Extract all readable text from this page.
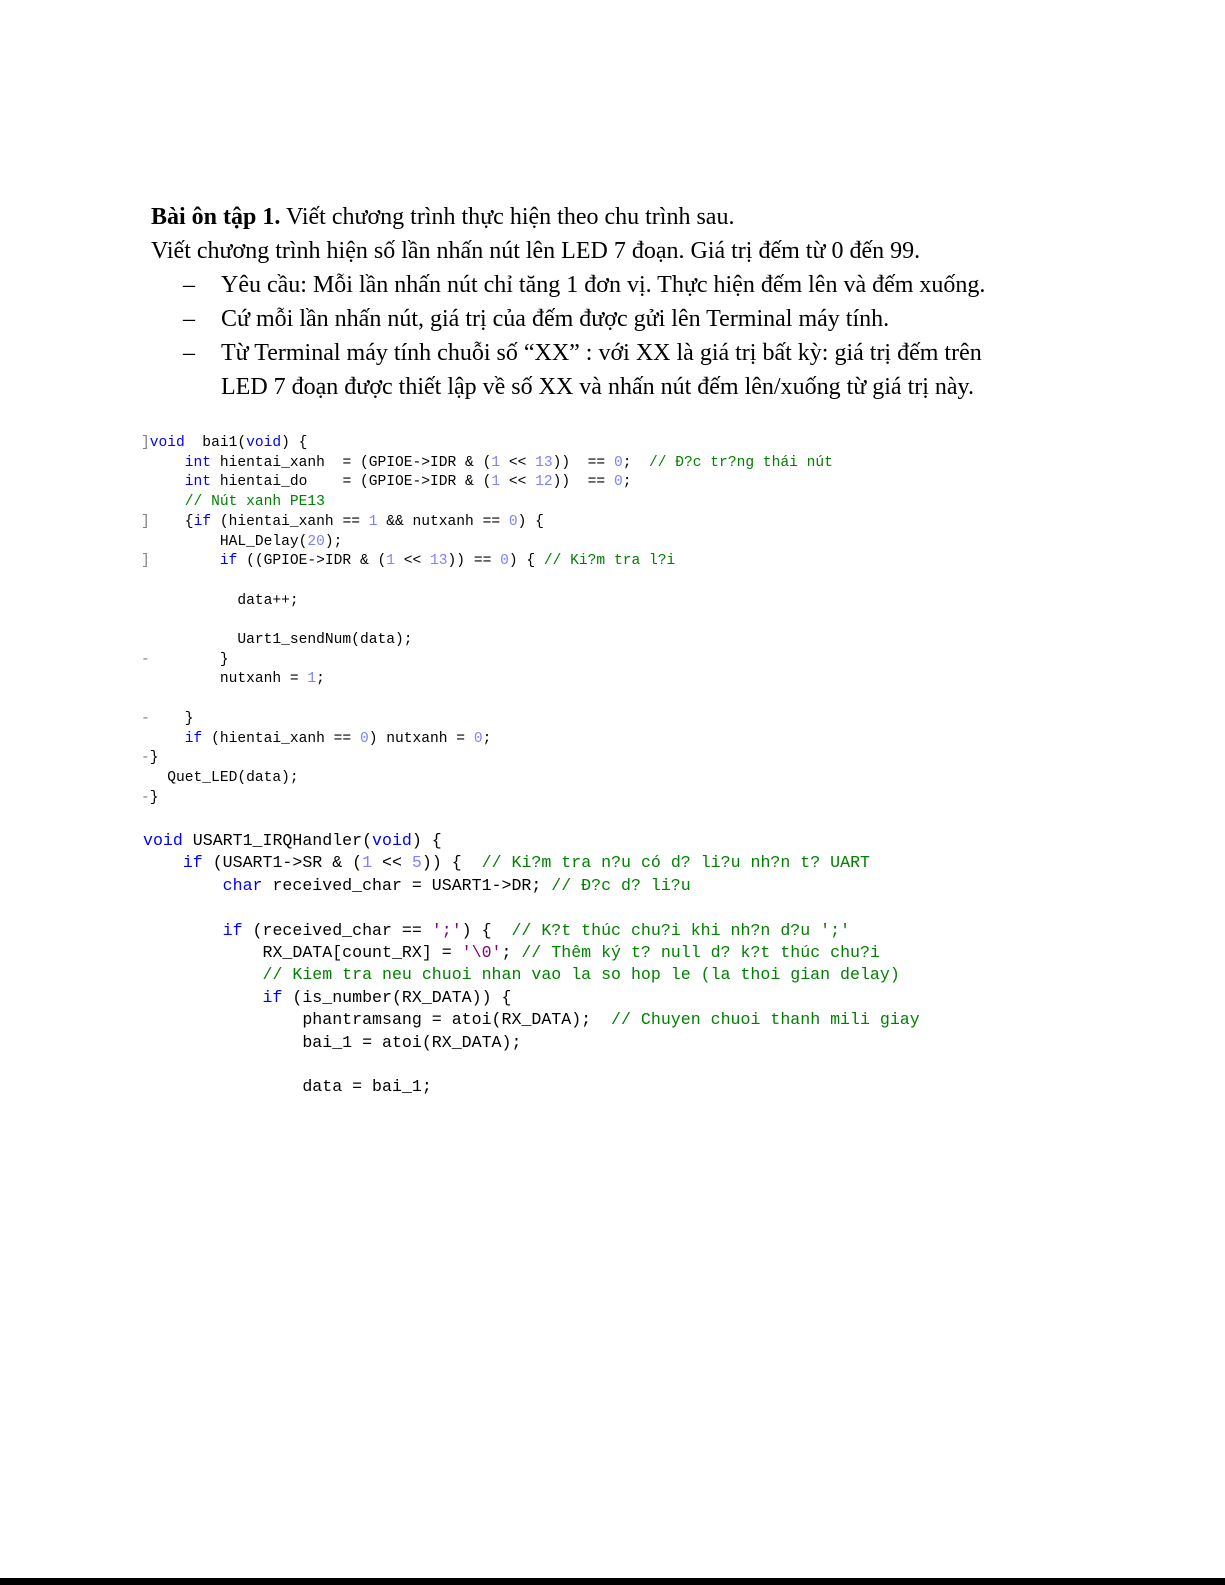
Bài ôn tập 1. Viết chương trình thực hiện theo chu trình sau.

Viết chương trình hiện số lần nhấn nút lên LED 7 đoạn. Giá trị đếm từ 0 đến 99.

– Yêu cầu: Mỗi lần nhấn nút chỉ tăng 1 đơn vị. Thực hiện đếm lên và đếm xuống.
– Cứ mỗi lần nhấn nút, giá trị của đếm được gửi lên Terminal máy tính.
– Từ Terminal máy tính chuỗi số “XX” : với XX là giá trị bất kỳ: giá trị đếm trên
LED 7 đoạn được thiết lập về số XX và nhấn nút đếm lên/xuống từ giá trị này.
]void  bai1(void) {
int hientai_xanh  = (GPIOE->IDR & (1 << 13))  == 0;  // Đ?c tr?ng thái nút
int hientai_do    = (GPIOE->IDR & (1 << 12))  == 0;
// Nút xanh PE13
]    {if (hientai_xanh == 1 && nutxanh == 0) {
HAL_Delay(20);
]	if ((GPIOE->IDR & (1 << 13)) == 0) { // Ki?m tra l?i

data++;

Uart1_sendNum(data);
-        }
nutxanh = 1;

-    }
if (hientai_xanh == 0) nutxanh = 0;
-}
Quet_LED(data);
-}
void USART1_IRQHandler(void) {
if (USART1->SR & (1 << 5)) {  // Ki?m tra n?u có d? li?u nh?n t? UART
char received_char = USART1->DR; // Đ?c d? li?u

if (received_char == ';') {  // K?t thúc chu?i khi nh?n d?u ';'
RX_DATA[count_RX] = '\0'; // Thêm ký t? null d? k?t thúc chu?i
// Kiem tra neu chuoi nhan vao la so hop le (la thoi gian delay)
if (is_number(RX_DATA)) {
phantramsang = atoi(RX_DATA);  // Chuyen chuoi thanh mili giay
bai_1 = atoi(RX_DATA);

data = bai_1;
